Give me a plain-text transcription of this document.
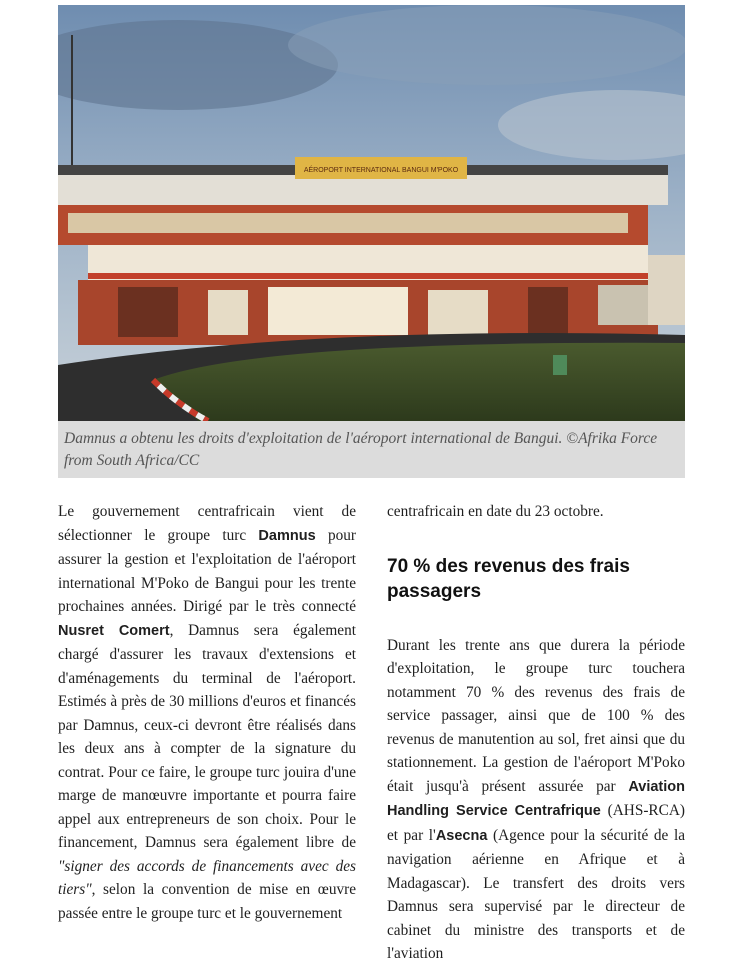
AÉROPORT INTERNATIONAL BANGUI M'POKO
Damnus a obtenu les droits d'exploitation de l'aéroport international de Bangui. ©Afrika Force from South Africa/CC

Le gouvernement centrafricain vient de sélectionner le groupe turc Damnus pour assurer la gestion et l'exploitation de l'aéroport international M'Poko de Bangui pour les trente prochaines années. Dirigé par le très connecté Nusret Comert, Damnus sera également chargé d'assurer les travaux d'extensions et d'aménagements du terminal de l'aéroport. Estimés à près de 30 millions d'euros et financés par Damnus, ceux-ci devront être réalisés dans les deux ans à compter de la signature du contrat. Pour ce faire, le groupe turc jouira d'une marge de manœuvre importante et pourra faire appel aux entrepreneurs de son choix. Pour le financement, Damnus sera également libre de "signer des accords de financements avec des tiers", selon la convention de mise en œuvre passée entre le groupe turc et le gouvernement

centrafricain en date du 23 octobre.

70 % des revenus des frais passagers

Durant les trente ans que durera la période d'exploitation, le groupe turc touchera notamment 70 % des revenus des frais de service passager, ainsi que de 100 % des revenus de manutention au sol, fret ainsi que du stationnement. La gestion de l'aéroport M'Poko était jusqu'à présent assurée par Aviation Handling Service Centrafrique (AHS-RCA) et par l'Asecna (Agence pour la sécurité de la navigation aérienne en Afrique et à Madagascar). Le transfert des droits vers Damnus sera supervisé par le directeur de cabinet du ministre des transports et de l'aviation
